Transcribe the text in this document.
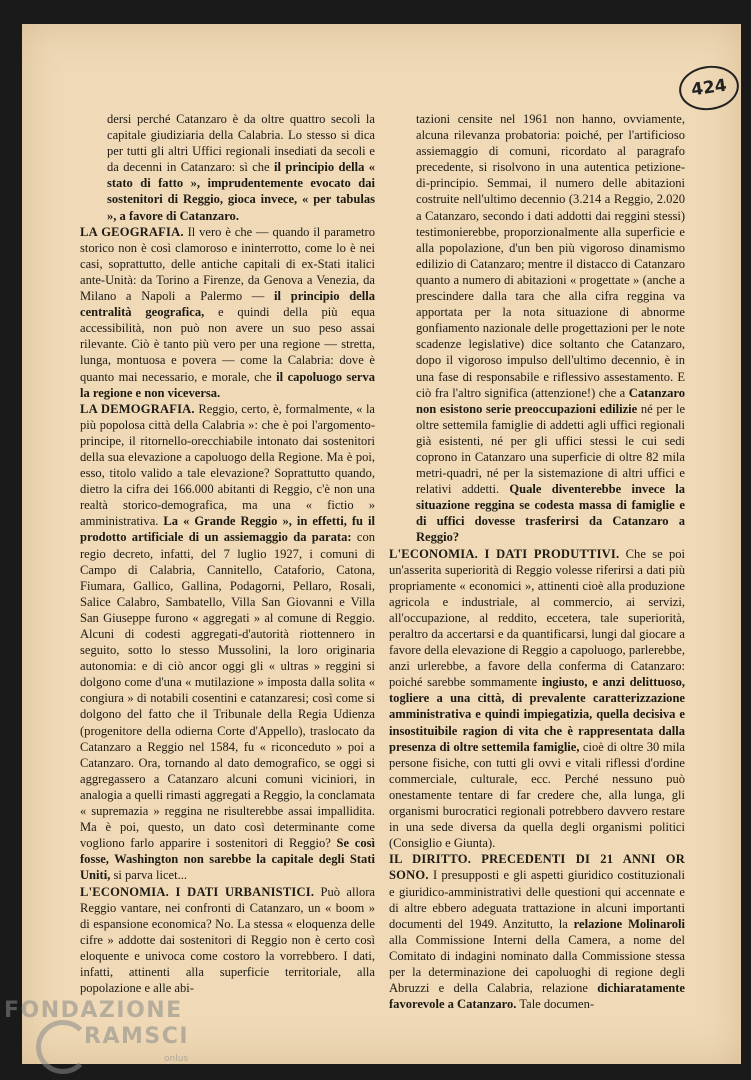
424

dersi perché Catanzaro è da oltre quattro secoli la capitale giudiziaria della Calabria. Lo stesso si dica per tutti gli altri Uffici regionali insediati da secoli e da decenni in Catanzaro: sì che il principio della « stato di fatto », imprudentemente evocato dai sostenitori di Reggio, gioca invece, « per tabulas », a favore di Catanzaro.

LA GEOGRAFIA. Il vero è che — quando il parametro storico non è così clamoroso e ininterrotto, come lo è nei casi, soprattutto, delle antiche capitali di ex-Stati italici ante-Unità: da Torino a Firenze, da Genova a Venezia, da Milano a Napoli a Palermo — il principio della centralità geografica, e quindi della più equa accessibilità, non può non avere un suo peso assai rilevante. Ciò è tanto più vero per una regione — stretta, lunga, montuosa e povera — come la Calabria: dove è quanto mai necessario, e morale, che il capoluogo serva la regione e non viceversa.

LA DEMOGRAFIA. Reggio, certo, è, formalmente, « la più popolosa città della Calabria »: che è poi l'argomento-principe, il ritornello-orecchiabile intonato dai sostenitori della sua elevazione a capoluogo della Regione. Ma è poi, esso, titolo valido a tale elevazione? Soprattutto quando, dietro la cifra dei 166.000 abitanti di Reggio, c'è non una realtà storico-demografica, ma una « fictio » amministrativa. La « Grande Reggio », in effetti, fu il prodotto artificiale di un assiemaggio da parata: con regio decreto, infatti, del 7 luglio 1927, i comuni di Campo di Calabria, Cannitello, Cataforio, Catona, Fiumara, Gallico, Gallina, Podagorni, Pellaro, Rosali, Salice Calabro, Sambatello, Villa San Giovanni e Villa San Giuseppe furono « aggregati » al comune di Reggio. Alcuni di codesti aggregati-d'autorità riottennero in seguito, sotto lo stesso Mussolini, la loro originaria autonomia: e di ciò ancor oggi gli « ultras » reggini si dolgono come d'una « mutilazione » imposta dalla solita « congiura » di notabili cosentini e catanzaresi; così come si dolgono del fatto che il Tribunale della Regia Udienza (progenitore della odierna Corte d'Appello), traslocato da Catanzaro a Reggio nel 1584, fu « riconceduto » poi a Catanzaro. Ora, tornando al dato demografico, se oggi si aggregassero a Catanzaro alcuni comuni viciniori, in analogia a quelli rimasti aggregati a Reggio, la conclamata « supremazia » reggina ne risulterebbe assai impallidita. Ma è poi, questo, un dato così determinante come vogliono farlo apparire i sostenitori di Reggio? Se così fosse, Washington non sarebbe la capitale degli Stati Uniti, si parva licet...

L'ECONOMIA. I DATI URBANISTICI. Può allora Reggio vantare, nei confronti di Catanzaro, un « boom » di espansione economica? No. La stessa « eloquenza delle cifre » addotte dai sostenitori di Reggio non è certo così eloquente e univoca come costoro la vorrebbero. I dati, infatti, attinenti alla superficie territoriale, alla popolazione e alle abi-

tazioni censite nel 1961 non hanno, ovviamente, alcuna rilevanza probatoria: poiché, per l'artificioso assiemaggio di comuni, ricordato al paragrafo precedente, si risolvono in una autentica petizione-di-principio. Semmai, il numero delle abitazioni costruite nell'ultimo decennio (3.214 a Reggio, 2.020 a Catanzaro, secondo i dati addotti dai reggini stessi) testimonierebbe, proporzionalmente alla superficie e alla popolazione, d'un ben più vigoroso dinamismo edilizio di Catanzaro; mentre il distacco di Catanzaro quanto a numero di abitazioni « progettate » (anche a prescindere dalla tara che alla cifra reggina va apportata per la nota situazione di abnorme gonfiamento nazionale delle progettazioni per le note scadenze legislative) dice soltanto che Catanzaro, dopo il vigoroso impulso dell'ultimo decennio, è in una fase di responsabile e riflessivo assestamento. E ciò fra l'altro significa (attenzione!) che a Catanzaro non esistono serie preoccupazioni edilizie né per le oltre settemila famiglie di addetti agli uffici regionali già esistenti, né per gli uffici stessi le cui sedi coprono in Catanzaro una superficie di oltre 82 mila metri-quadri, né per la sistemazione di altri uffici e relativi addetti. Quale diventerebbe invece la situazione reggina se codesta massa di famiglie e di uffici dovesse trasferirsi da Catanzaro a Reggio?

L'ECONOMIA. I DATI PRODUTTIVI. Che se poi un'asserita superiorità di Reggio volesse riferirsi a dati più propriamente « economici », attinenti cioè alla produzione agricola e industriale, al commercio, ai servizi, all'occupazione, al reddito, eccetera, tale superiorità, peraltro da accertarsi e da quantificarsi, lungi dal giocare a favore della elevazione di Reggio a capoluogo, parlerebbe, anzi urlerebbe, a favore della conferma di Catanzaro: poiché sarebbe sommamente ingiusto, e anzi delittuoso, togliere a una città, di prevalente caratterizzazione amministrativa e quindi impiegatizia, quella decisiva e insostituibile ragion di vita che è rappresentata dalla presenza di oltre settemila famiglie, cioè di oltre 30 mila persone fisiche, con tutti gli ovvi e vitali riflessi d'ordine commerciale, culturale, ecc. Perché nessuno può onestamente tentare di far credere che, alla lunga, gli organismi burocratici regionali potrebbero davvero restare in una sede diversa da quella degli organismi politici (Consiglio e Giunta).

IL DIRITTO. PRECEDENTI DI 21 ANNI OR SONO. I presupposti e gli aspetti giuridico costituzionali e giuridico-amministrativi delle questioni qui accennate e di altre ebbero adeguata trattazione in alcuni importanti documenti del 1949. Anzitutto, la relazione Molinaroli alla Commissione Interni della Camera, a nome del Comitato di indagini nominato dalla Commissione stessa per la determinazione dei capoluoghi di regione degli Abruzzi e della Calabria, relazione dichiaratamente favorevole a Catanzaro. Tale documen-

FONDAZIONE
RAMSCI
onlus
